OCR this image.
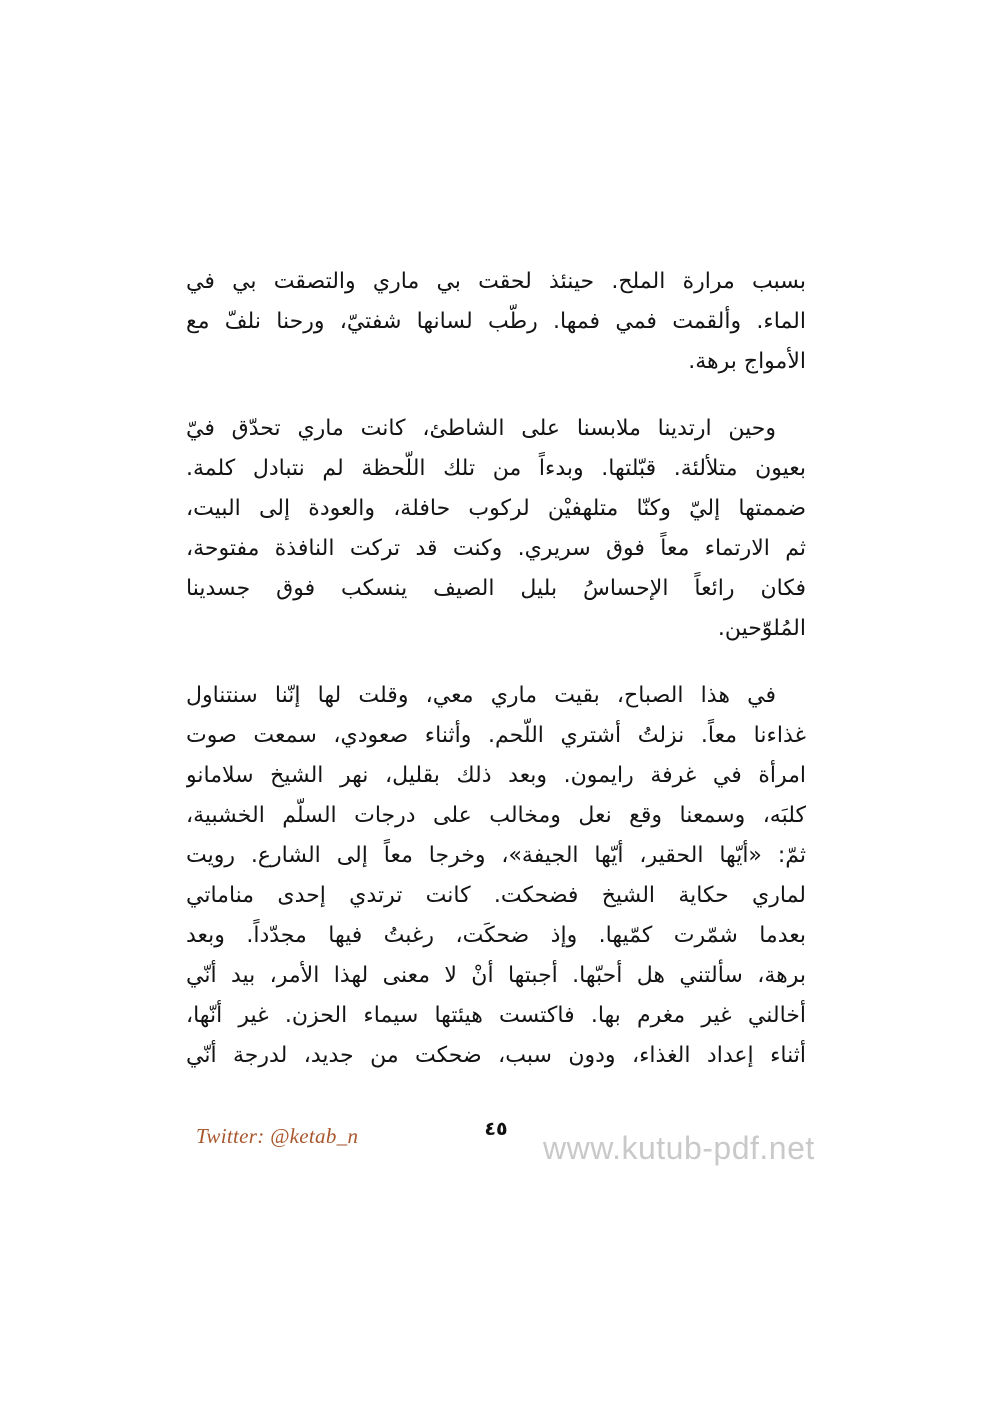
بسبب مرارة الملح. حينئذ لحقت بي ماري والتصقت بي في
الماء. وألقمت فمي فمها. رطّب لسانها شفتيّ، ورحنا نلفّ مع
الأمواج برهة.
وحين ارتدينا ملابسنا على الشاطئ، كانت ماري تحدّق فيّ
بعيون متلألئة. قبّلتها. وبدءاً من تلك اللّحظة لم نتبادل كلمة.
ضممتها إليّ وكنّا متلهفيْن لركوب حافلة، والعودة إلى البيت،
ثم الارتماء معاً فوق سريري. وكنت قد تركت النافذة مفتوحة،
فكان رائعاً الإحساسُ بليل الصيف ينسكب فوق جسدينا
المُلوّحين.
في هذا الصباح، بقيت ماري معي، وقلت لها إنّنا سنتناول
غذاءنا معاً. نزلتُ أشتري اللّحم. وأثناء صعودي، سمعت صوت
امرأة في غرفة رايمون. وبعد ذلك بقليل، نهر الشيخ سلامانو
كلبَه، وسمعنا وقع نعل ومخالب على درجات السلّم الخشبية،
ثمّ: «أيّها الحقير، أيّها الجيفة»، وخرجا معاً إلى الشارع. رويت
لماري حكاية الشيخ فضحكت. كانت ترتدي إحدى مناماتي
بعدما شمّرت كمّيها. وإذ ضحكَت، رغبتُ فيها مجدّداً. وبعد
برهة، سألتني هل أحبّها. أجبتها أنْ لا معنى لهذا الأمر، بيد أنّي
أخالني غير مغرم بها. فاكتست هيئتها سيماء الحزن. غير أنّها،
أثناء إعداد الغذاء، ودون سبب، ضحكت من جديد، لدرجة أنّي
Twitter: @ketab_n	٤٥
www.kutub-pdf.net
